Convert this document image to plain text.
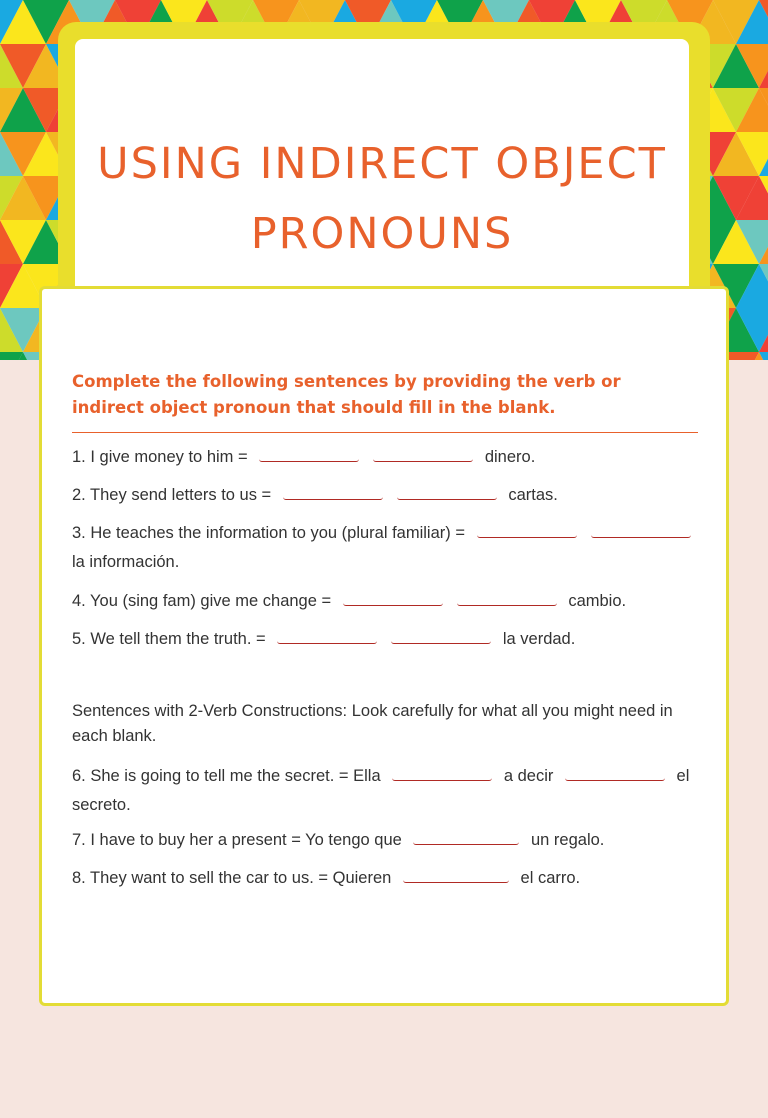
USING INDIRECT OBJECT PRONOUNS

Complete the following sentences by providing the verb or indirect object pronoun that should fill in the blank.

1. I give money to him =	dinero.

2. They send letters to us =	cartas.

3. He teaches the information to you (plural familiar) =  la información.

4. You (sing fam) give me change =	cambio.

5. We tell them the truth. =	la verdad.

Sentences with 2-Verb Constructions: Look carefully for what all you might need in each blank.

6. She is going to tell me the secret. = Ella	a decir	el secreto.

7. I have to buy her a present = Yo tengo que	un regalo.

8. They want to sell the car to us. = Quieren	el carro.
